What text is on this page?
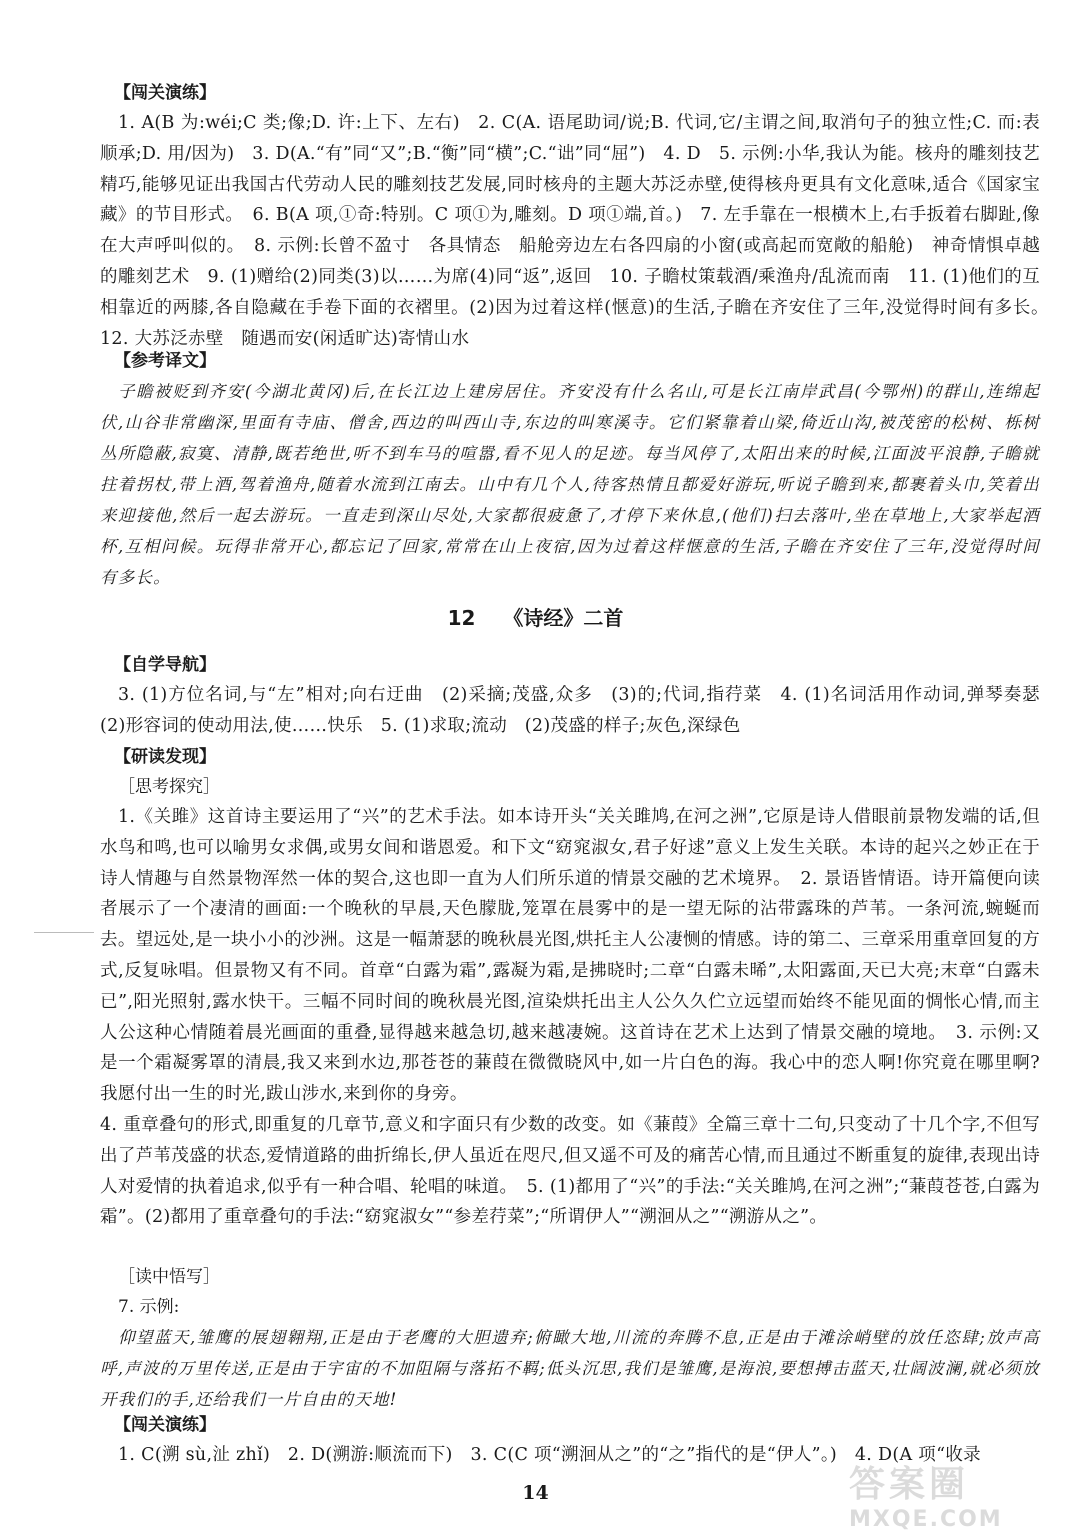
【闯关演练】

1. A(B 为:wéi;C 类;像;D. 许:上下、左右)　2. C(A. 语尾助词/说;B. 代词,它/主谓之间,取消句子的独立性;C. 而:表顺承;D. 用/因为)　3. D(A.“有”同“又”;B.“衡”同“横”;C.“诎”同“屈”)　4. D　5. 示例:小华,我认为能。核舟的雕刻技艺精巧,能够见证出我国古代劳动人民的雕刻技艺发展,同时核舟的主题大苏泛赤壁,使得核舟更具有文化意味,适合《国家宝藏》的节目形式。　6. B(A 项,①奇:特别。C 项①为,雕刻。D 项①端,首。)　7. 左手靠在一根横木上,右手扳着右脚趾,像在大声呼叫似的。　8. 示例:长曾不盈寸　各具情态　船舱旁边左右各四扇的小窗(或高起而宽敞的船舱)　神奇情惧卓越的雕刻艺术　9. (1)赠给(2)同类(3)以……为席(4)同“返”,返回　10. 子瞻杖策载酒/乘渔舟/乱流而南　11. (1)他们的互相靠近的两膝,各自隐藏在手卷下面的衣褶里。(2)因为过着这样(惬意)的生活,子瞻在齐安住了三年,没觉得时间有多长。　12. 大苏泛赤壁　随遇而安(闲适旷达)寄情山水

【参考译文】

子瞻被贬到齐安(今湖北黄冈)后,在长江边上建房居住。齐安没有什么名山,可是长江南岸武昌(今鄂州)的群山,连绵起伏,山谷非常幽深,里面有寺庙、僧舍,西边的叫西山寺,东边的叫寒溪寺。它们紧靠着山梁,倚近山沟,被茂密的松树、栎树丛所隐蔽,寂寞、清静,既若绝世,听不到车马的喧嚣,看不见人的足迹。每当风停了,太阳出来的时候,江面波平浪静,子瞻就拄着拐杖,带上酒,驾着渔舟,随着水流到江南去。山中有几个人,待客热情且都爱好游玩,听说子瞻到来,都裹着头巾,笑着出来迎接他,然后一起去游玩。一直走到深山尽处,大家都很疲惫了,才停下来休息,(他们)扫去落叶,坐在草地上,大家举起酒杯,互相问候。玩得非常开心,都忘记了回家,常常在山上夜宿,因为过着这样惬意的生活,子瞻在齐安住了三年,没觉得时间有多长。

12 《诗经》二首
【自学导航】

3. (1)方位名词,与“左”相对;向右迂曲　(2)采摘;茂盛,众多　(3)的;代词,指荇菜　4. (1)名词活用作动词,弹琴奏瑟　(2)形容词的使动用法,使……快乐　5. (1)求取;流动　(2)茂盛的样子;灰色,深绿色

【研读发现】
［思考探究］

1.《关雎》这首诗主要运用了“兴”的艺术手法。如本诗开头“关关雎鸠,在河之洲”,它原是诗人借眼前景物发端的话,但水鸟和鸣,也可以喻男女求偶,或男女间和谐恩爱。和下文“窈窕淑女,君子好逑”意义上发生关联。本诗的起兴之妙正在于诗人情趣与自然景物浑然一体的契合,这也即一直为人们所乐道的情景交融的艺术境界。　2. 景语皆情语。诗开篇便向读者展示了一个凄清的画面:一个晚秋的早晨,天色朦胧,笼罩在晨雾中的是一望无际的沾带露珠的芦苇。一条河流,蜿蜒而去。望远处,是一块小小的沙洲。这是一幅萧瑟的晚秋晨光图,烘托主人公凄恻的情感。诗的第二、三章采用重章回复的方式,反复咏唱。但景物又有不同。首章“白露为霜”,露凝为霜,是拂晓时;二章“白露未晞”,太阳露面,天已大亮;末章“白露未已”,阳光照射,露水快干。三幅不同时间的晚秋晨光图,渲染烘托出主人公久久伫立远望而始终不能见面的惆怅心情,而主人公这种心情随着晨光画面的重叠,显得越来越急切,越来越凄婉。这首诗在艺术上达到了情景交融的境地。　3. 示例:又是一个霜凝雾罩的清晨,我又来到水边,那苍苍的蒹葭在微微晓风中,如一片白色的海。我心中的恋人啊!你究竟在哪里啊?我愿付出一生的时光,跋山涉水,来到你的身旁。

4. 重章叠句的形式,即重复的几章节,意义和字面只有少数的改变。如《蒹葭》全篇三章十二句,只变动了十几个字,不但写出了芦苇茂盛的状态,爱情道路的曲折绵长,伊人虽近在咫尺,但又遥不可及的痛苦心情,而且通过不断重复的旋律,表现出诗人对爱情的执着追求,似乎有一种合唱、轮唱的味道。　5. (1)都用了“兴”的手法:“关关雎鸠,在河之洲”;“蒹葭苍苍,白露为霜”。(2)都用了重章叠句的手法:“窈窕淑女”“参差荇菜”;“所谓伊人”“溯洄从之”“溯游从之”。

［读中悟写］
7. 示例:

仰望蓝天,雏鹰的展翅翱翔,正是由于老鹰的大胆遗弃;俯瞰大地,川流的奔腾不息,正是由于滩涂峭壁的放任恣肆;放声高呼,声波的万里传送,正是由于宇宙的不加阻隔与落拓不羁;低头沉思,我们是雏鹰,是海浪,要想搏击蓝天,壮阔波澜,就必须放开我们的手,还给我们一片自由的天地!

【闯关演练】

1. C(溯 sù,沚 zhǐ)　2. D(溯游:顺流而下)　3. C(C 项“溯洄从之”的“之”指代的是“伊人”。)　4. D(A 项“收录

14	答案圈
MXQE.COM
